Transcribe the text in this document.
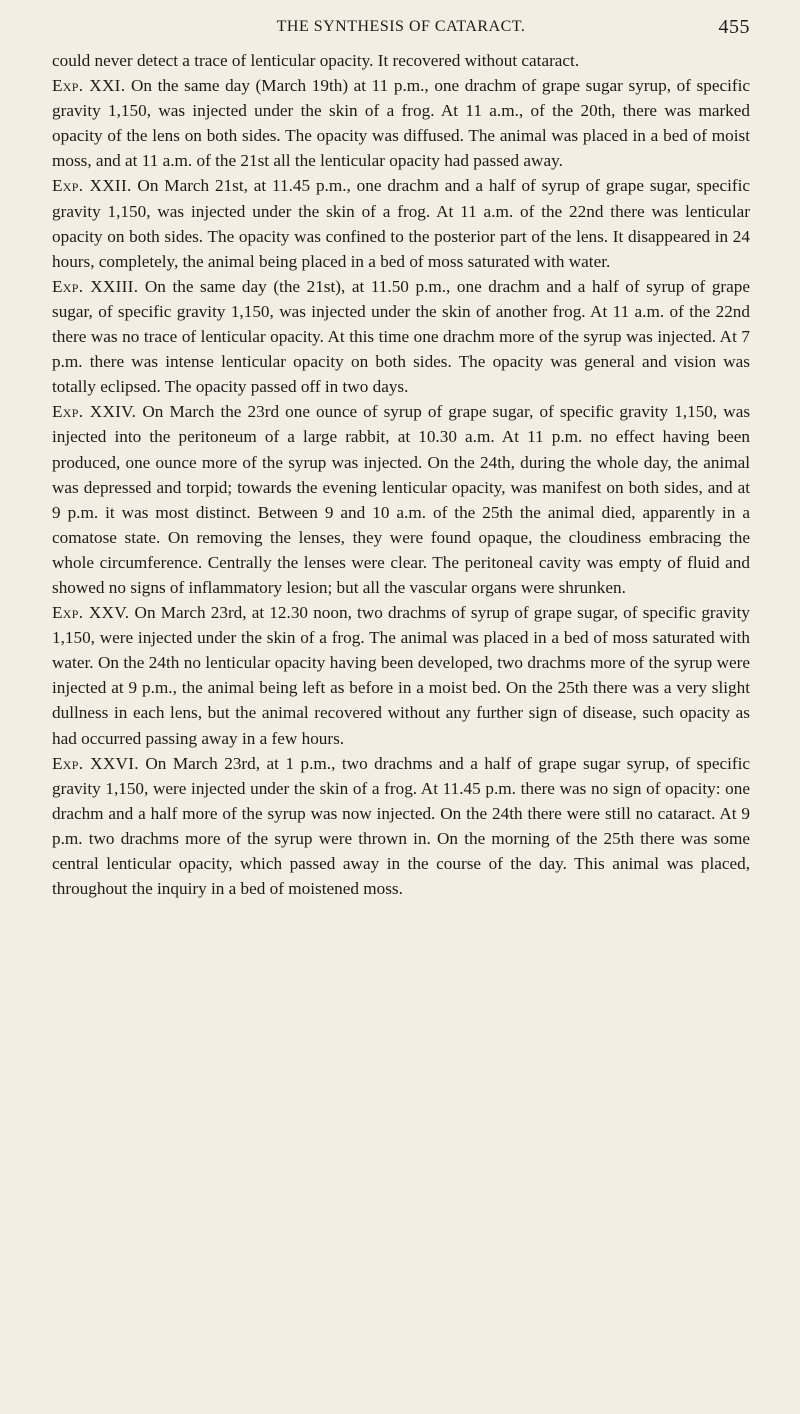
THE SYNTHESIS OF CATARACT.	455

could never detect a trace of lenticular opacity. It recovered without cataract.

Exp. XXI. On the same day (March 19th) at 11 p.m., one drachm of grape sugar syrup, of specific gravity 1,150, was injected under the skin of a frog. At 11 a.m., of the 20th, there was marked opacity of the lens on both sides. The opacity was diffused. The animal was placed in a bed of moist moss, and at 11 a.m. of the 21st all the lenticular opacity had passed away.

Exp. XXII. On March 21st, at 11.45 p.m., one drachm and a half of syrup of grape sugar, specific gravity 1,150, was injected under the skin of a frog. At 11 a.m. of the 22nd there was lenticular opacity on both sides. The opacity was confined to the posterior part of the lens. It disappeared in 24 hours, completely, the animal being placed in a bed of moss saturated with water.

Exp. XXIII. On the same day (the 21st), at 11.50 p.m., one drachm and a half of syrup of grape sugar, of specific gravity 1,150, was injected under the skin of another frog. At 11 a.m. of the 22nd there was no trace of lenticular opacity. At this time one drachm more of the syrup was injected. At 7 p.m. there was intense lenticular opacity on both sides. The opacity was general and vision was totally eclipsed. The opacity passed off in two days.

Exp. XXIV. On March the 23rd one ounce of syrup of grape sugar, of specific gravity 1,150, was injected into the peritoneum of a large rabbit, at 10.30 a.m. At 11 p.m. no effect having been produced, one ounce more of the syrup was injected. On the 24th, during the whole day, the animal was depressed and torpid; towards the evening lenticular opacity, was manifest on both sides, and at 9 p.m. it was most distinct. Between 9 and 10 a.m. of the 25th the animal died, apparently in a comatose state. On removing the lenses, they were found opaque, the cloudiness embracing the whole circumference. Centrally the lenses were clear. The peritoneal cavity was empty of fluid and showed no signs of inflammatory lesion; but all the vascular organs were shrunken.

Exp. XXV. On March 23rd, at 12.30 noon, two drachms of syrup of grape sugar, of specific gravity 1,150, were injected under the skin of a frog. The animal was placed in a bed of moss saturated with water. On the 24th no lenticular opacity having been developed, two drachms more of the syrup were injected at 9 p.m., the animal being left as before in a moist bed. On the 25th there was a very slight dullness in each lens, but the animal recovered without any further sign of disease, such opacity as had occurred passing away in a few hours.

Exp. XXVI. On March 23rd, at 1 p.m., two drachms and a half of grape sugar syrup, of specific gravity 1,150, were injected under the skin of a frog. At 11.45 p.m. there was no sign of opacity: one drachm and a half more of the syrup was now injected. On the 24th there were still no cataract. At 9 p.m. two drachms more of the syrup were thrown in. On the morning of the 25th there was some central lenticular opacity, which passed away in the course of the day. This animal was placed, throughout the inquiry in a bed of moistened moss.
